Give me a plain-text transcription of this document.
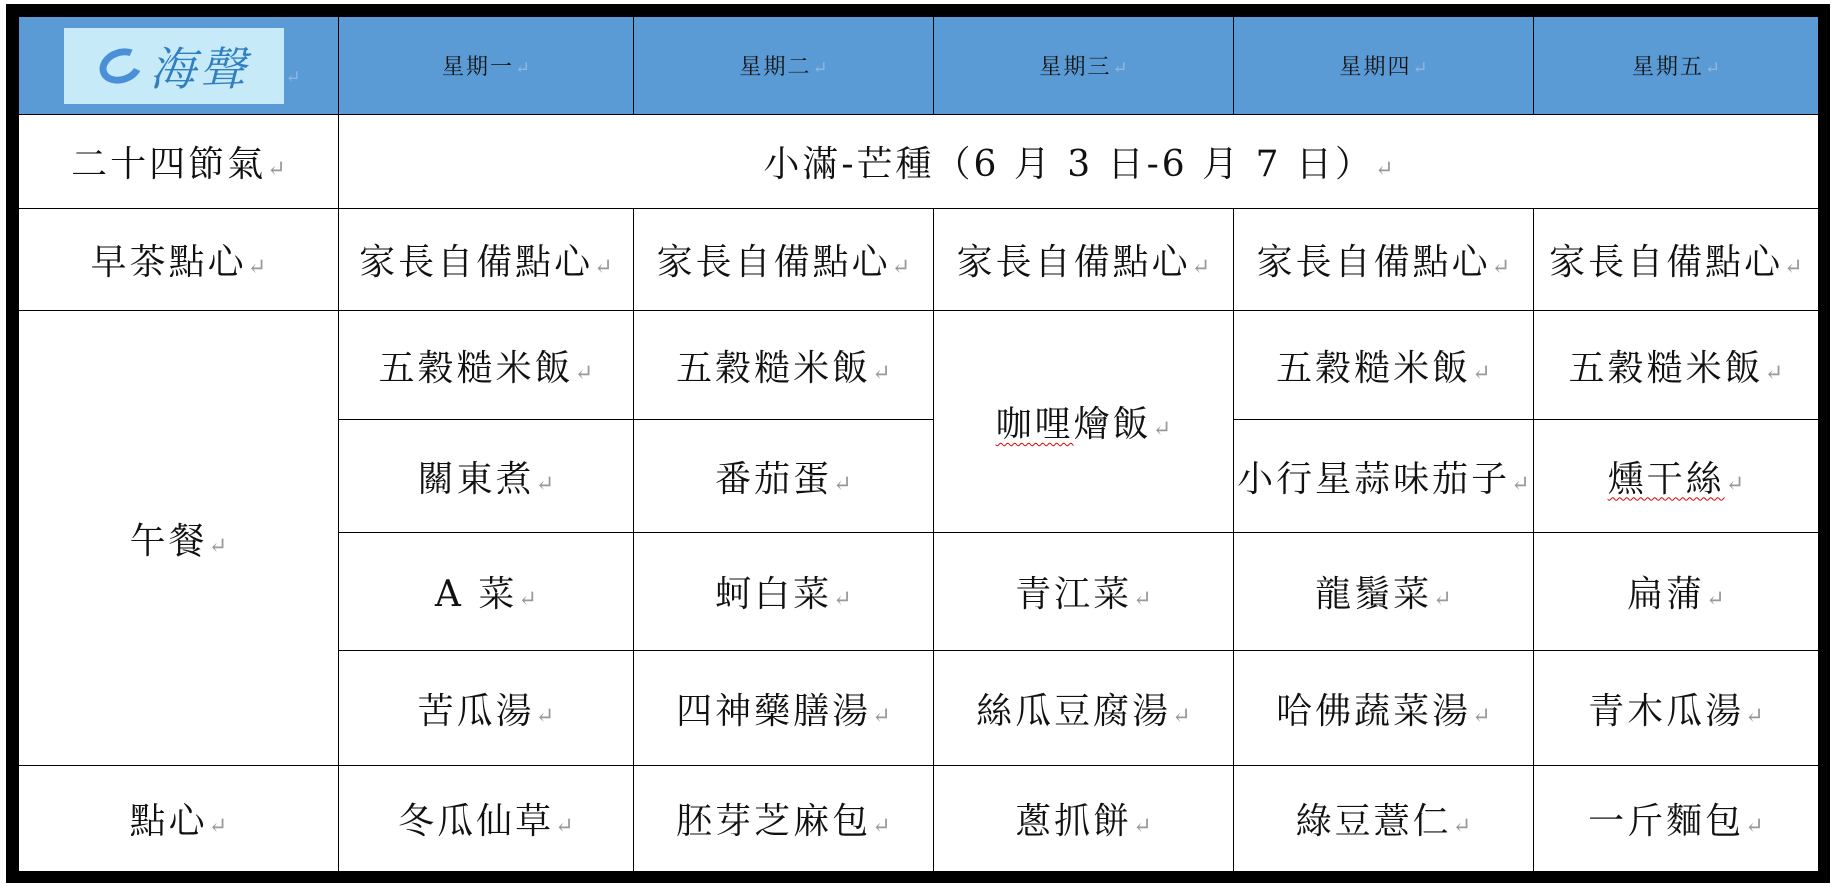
海聲 ↵	星期一↵	星期二↵	星期三↵	星期四↵	星期五↵
二十四節氣↵	小滿-芒種（6 月 3 日-6 月 7 日）↵				
早茶點心↵	家長自備點心↵	家長自備點心↵	家長自備點心↵	家長自備點心↵	家長自備點心↵
午餐↵	五穀糙米飯↵	五穀糙米飯↵	咖哩燴飯↵	五穀糙米飯↵	五穀糙米飯↵
	關東煮↵	番茄蛋↵		小行星蒜味茄子↵	燻干絲↵
	A 菜↵	蚵白菜↵	青江菜↵	龍鬚菜↵	扁蒲↵
	苦瓜湯↵	四神藥膳湯↵	絲瓜豆腐湯↵	哈佛蔬菜湯↵	青木瓜湯↵
點心↵	冬瓜仙草↵	胚芽芝麻包↵	蔥抓餅↵	綠豆薏仁↵	一斤麵包↵
